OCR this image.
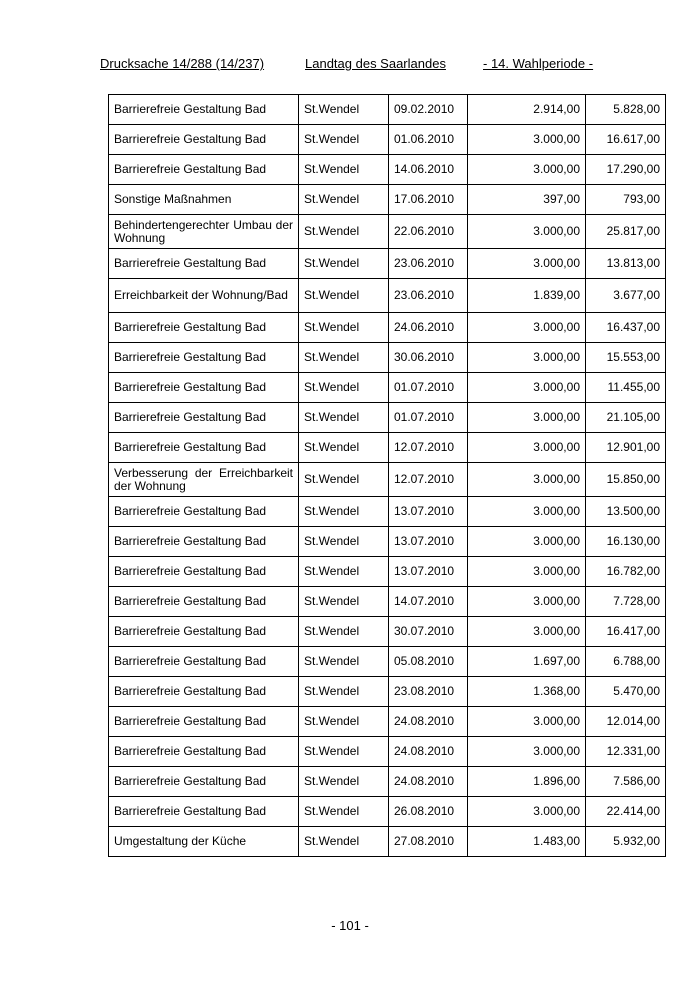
Drucksache 14/288 (14/237)	Landtag des Saarlandes	- 14. Wahlperiode -
Barrierefreie Gestaltung Bad	St.Wendel	09.02.2010	2.914,00	5.828,00
Barrierefreie Gestaltung Bad	St.Wendel	01.06.2010	3.000,00	16.617,00
Barrierefreie Gestaltung Bad	St.Wendel	14.06.2010	3.000,00	17.290,00
Sonstige Maßnahmen	St.Wendel	17.06.2010	397,00	793,00
Behindertengerechter Umbau der Wohnung	St.Wendel	22.06.2010	3.000,00	25.817,00
Barrierefreie Gestaltung Bad	St.Wendel	23.06.2010	3.000,00	13.813,00
Erreichbarkeit der Wohnung/Bad	St.Wendel	23.06.2010	1.839,00	3.677,00
Barrierefreie Gestaltung Bad	St.Wendel	24.06.2010	3.000,00	16.437,00
Barrierefreie Gestaltung Bad	St.Wendel	30.06.2010	3.000,00	15.553,00
Barrierefreie Gestaltung Bad	St.Wendel	01.07.2010	3.000,00	11.455,00
Barrierefreie Gestaltung Bad	St.Wendel	01.07.2010	3.000,00	21.105,00
Barrierefreie Gestaltung Bad	St.Wendel	12.07.2010	3.000,00	12.901,00
Verbesserung der Erreichbarkeit der Wohnung	St.Wendel	12.07.2010	3.000,00	15.850,00
Barrierefreie Gestaltung Bad	St.Wendel	13.07.2010	3.000,00	13.500,00
Barrierefreie Gestaltung Bad	St.Wendel	13.07.2010	3.000,00	16.130,00
Barrierefreie Gestaltung Bad	St.Wendel	13.07.2010	3.000,00	16.782,00
Barrierefreie Gestaltung Bad	St.Wendel	14.07.2010	3.000,00	7.728,00
Barrierefreie Gestaltung Bad	St.Wendel	30.07.2010	3.000,00	16.417,00
Barrierefreie Gestaltung Bad	St.Wendel	05.08.2010	1.697,00	6.788,00
Barrierefreie Gestaltung Bad	St.Wendel	23.08.2010	1.368,00	5.470,00
Barrierefreie Gestaltung Bad	St.Wendel	24.08.2010	3.000,00	12.014,00
Barrierefreie Gestaltung Bad	St.Wendel	24.08.2010	3.000,00	12.331,00
Barrierefreie Gestaltung Bad	St.Wendel	24.08.2010	1.896,00	7.586,00
Barrierefreie Gestaltung Bad	St.Wendel	26.08.2010	3.000,00	22.414,00
Umgestaltung der Küche	St.Wendel	27.08.2010	1.483,00	5.932,00
- 101 -
